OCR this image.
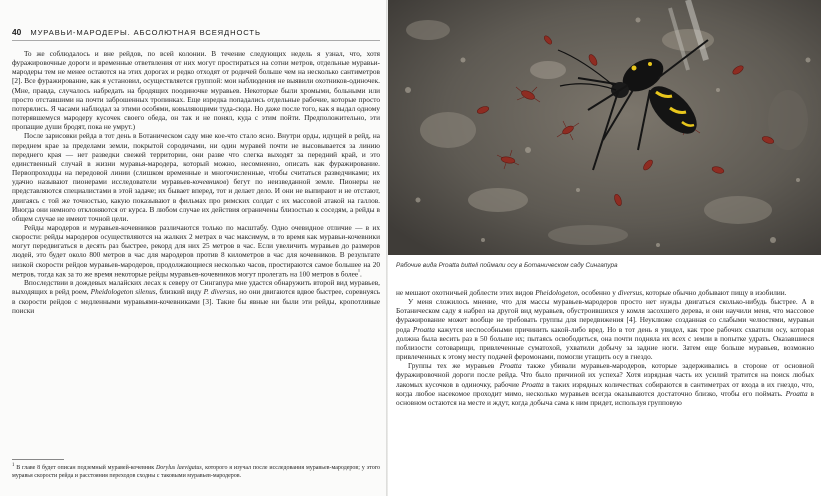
40 МУРАВЬИ-МАРОДЕРЫ. АБСОЛЮТНАЯ ВСЕЯДНОСТЬ

То же соблюдалось и вне рейдов, по всей колонии. В течение следующих недель я узнал, что, хотя фуражировочные дороги и временные ответвления от них могут простираться на сотни метров, отдельные муравьи-мародеры тем не менее остаются на этих дорогах и редко отходят от родичей больше чем на несколько сантиметров [2]. Все фуражирование, как я установил, осуществляется группой: мои наблюдения не выявили охотников-одиночек. (Мне, правда, случалось набредать на бродящих поодиночке муравьев. Некоторые были хромыми, больными или просто отставшими на почти заброшенных тропинках. Еще изредка попадались отдельные рабочие, которые просто потерялись. Я часами наблюдал за этими особями, ковыляющими туда-сюда. Но даже после того, как я выдал одному потерявшемуся мародеру кусочек своего обеда, он так и не понял, куда с этим пойти. Предположительно, эти пропащие души бродят, пока не умрут.)

После зарисовки рейда в тот день в Ботаническом саду мне кое-что стало ясно. Внутри орды, идущей в рейд, на переднем крае за пределами земли, покрытой сородичами, ни один муравей почти не высовывается за линию переднего края — нет разведки свежей территории, они разве что слегка выходят за передний край, и это единственный случай в жизни муравья-мародера, который можно, несомненно, описать как фуражирование. Первопроходцы на передовой линии (слишком временные и многочисленные, чтобы считаться разведчиками; их удачно называют пионерами исследователи муравьев-кочевников) бегут по неизведанной земле. Пионеры не представляются специалистами в этой задаче; их бывает вперед, тот и делает дело. И они не выпирают и не отстают, двигаясь с той же точностью, какую показывают в фильмах про римских солдат с их массовой атакой на галлов. Иногда они немного отклоняются от курса. В любом случае их действия ограничены близостью к соседям, а рейды в общем случае не имеют точной цели.

Рейды мародеров и муравьев-кочевников различаются только по масштабу. Одно очевидное отличие — в их скорости: рейды мародеров осуществляются на жалких 2 метрах в час максимум, в то время как муравьи-кочевники могут передвигаться в десять раз быстрее, рекорд для них 25 метров в час. Если увеличить муравьев до размеров людей, это будет около 800 метров в час для мародеров против 8 километров в час для кочевников. В результате низкой скорости рейдов муравьев-мародеров, продолжающиеся несколько часов, простираются самое большее на 20 метров, тогда как за то же время некоторые рейды муравьев-кочевников могут пролегать на 100 метров в более$^{^1}$.

Впоследствии в дождевых малайских лесах к северу от Сингапура мне удастся обнаружить второй вид муравьев, выходящих в рейд роем, Pheidologeton silenus, близкий виду P. diversus, но они двигаются вдвое быстрее, соревнуясь в скорости рейдов с медленными муравьями-кочевниками [3]. Такие бы явные ни были эти рейды, кропотливые поиски

$^1$ В главе 8 будет описан подземный муравей-кочевник Dorylus laevigatus, которого я изучал после исследования муравьев-мародеров; у этого муравья скорости рейда и расстояния переходов сходны с таковыми муравьев-мародеров.
Рабочие вида Proatta butteli поймали осу в Ботаническом саду Сингапура

не мешают охотничьей доблести этих видов Pheidologeton, особенно у diversus, которые обычно добывают пищу в изобилии.

У меня сложилось мнение, что для массы муравьев-мародеров просто нет нужды двигаться сколько-нибудь быстрее. А в Ботаническом саду я набрел на другой вид муравьев, обустроившихся у комля засохшего дерева, и они научили меня, что массовое фуражирование может вообще не требовать группы для передвижения [4]. Неуклюже созданная со слабыми челюстями, муравьи рода Proatta кажутся неспособными причинить какой-либо вред. Но в тот день я увидел, как трое рабочих схватили осу, которая должна была весить раз в 50 больше их; пытаясь освободиться, она почти подняла их всех с земли в попытке удрать. Оказавшиеся поблизости сотоварищи, привлеченные суматохой, ухватили добычу за задние ноги. Затем еще больше муравьев, возможно привлеченных к этому месту подачей феромонами, помогли утащить осу в гнездо.

Группы тех же муравьев Proatta также убивали муравьев-мародеров, которые задерживались в стороне от основной фуражировочной дороги после рейда. Что было причиной их успеха? Хотя изрядная часть их усилий тратится на поиск любых лакомых кусочков в одиночку, рабочие Proatta в таких изрядных количествах собираются в сантиметрах от входа в их гнездо, что, когда любое насекомое проходит мимо, несколько муравьев всегда оказываются достаточно близко, чтобы его поймать. Proatta в основном остаются на месте и ждут, когда добыча сама к ним придет, используя групповую
